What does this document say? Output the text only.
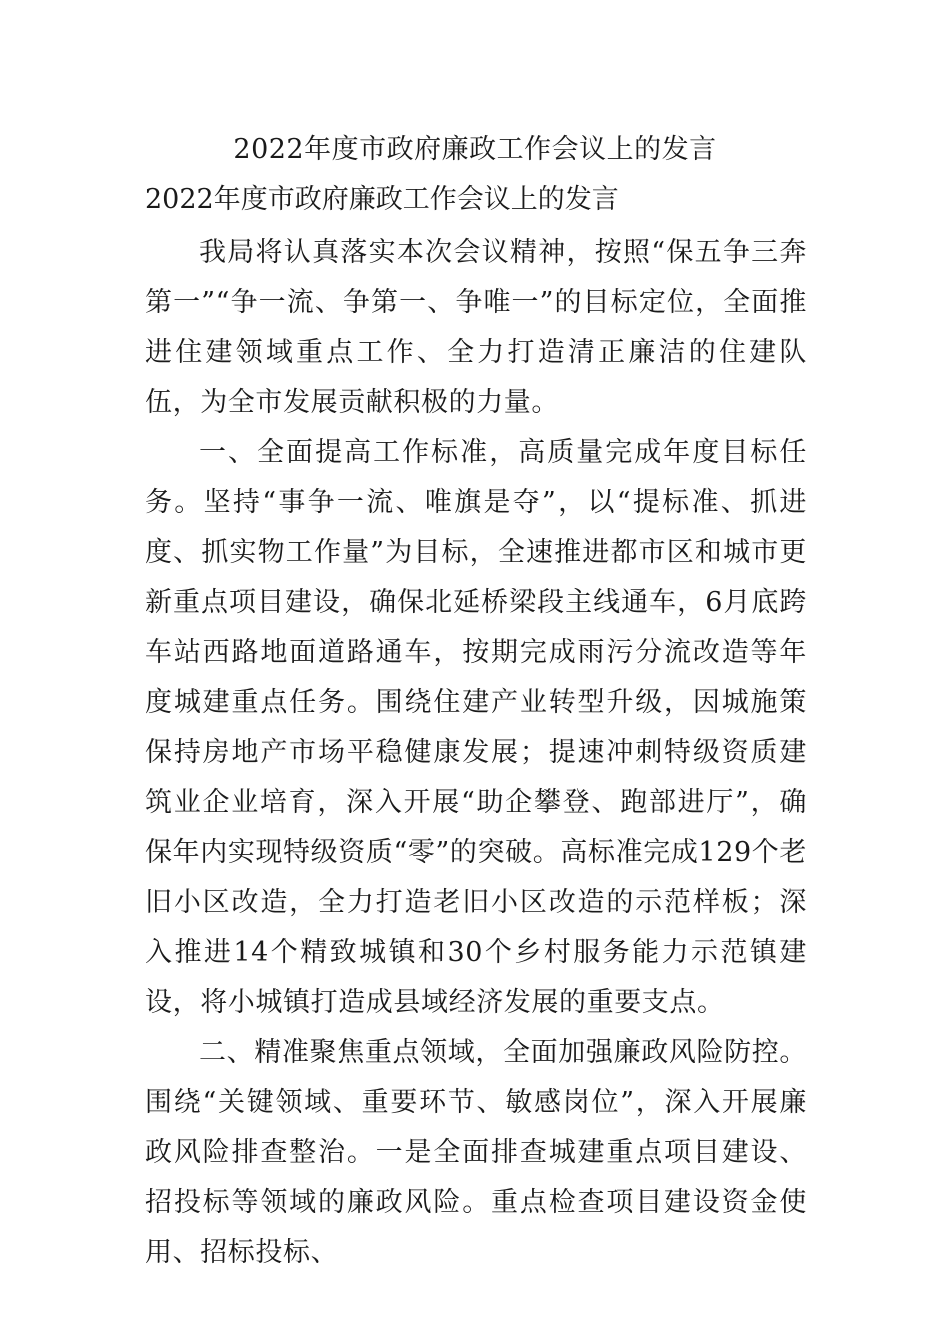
2022年度市政府廉政工作会议上的发言
2022年度市政府廉政工作会议上的发言

我局将认真落实本次会议精神，按照“保五争三奔第一”“争一流、争第一、争唯一”的目标定位，全面推进住建领域重点工作、全力打造清正廉洁的住建队伍，为全市发展贡献积极的力量。

一、全面提高工作标准，高质量完成年度目标任务。坚持“事争一流、唯旗是夺”，以“提标准、抓进度、抓实物工作量”为目标，全速推进都市区和城市更新重点项目建设，确保北延桥梁段主线通车，6月底跨车站西路地面道路通车，按期完成雨污分流改造等年度城建重点任务。围绕住建产业转型升级，因城施策保持房地产市场平稳健康发展；提速冲刺特级资质建筑业企业培育，深入开展“助企攀登、跑部进厅”，确保年内实现特级资质“零”的突破。高标准完成129个老旧小区改造，全力打造老旧小区改造的示范样板；深入推进14个精致城镇和30个乡村服务能力示范镇建设，将小城镇打造成县域经济发展的重要支点。

二、精准聚焦重点领域，全面加强廉政风险防控。围绕“关键领域、重要环节、敏感岗位”，深入开展廉政风险排查整治。一是全面排查城建重点项目建设、招投标等领域的廉政风险。重点检查项目建设资金使用、招标投标、
